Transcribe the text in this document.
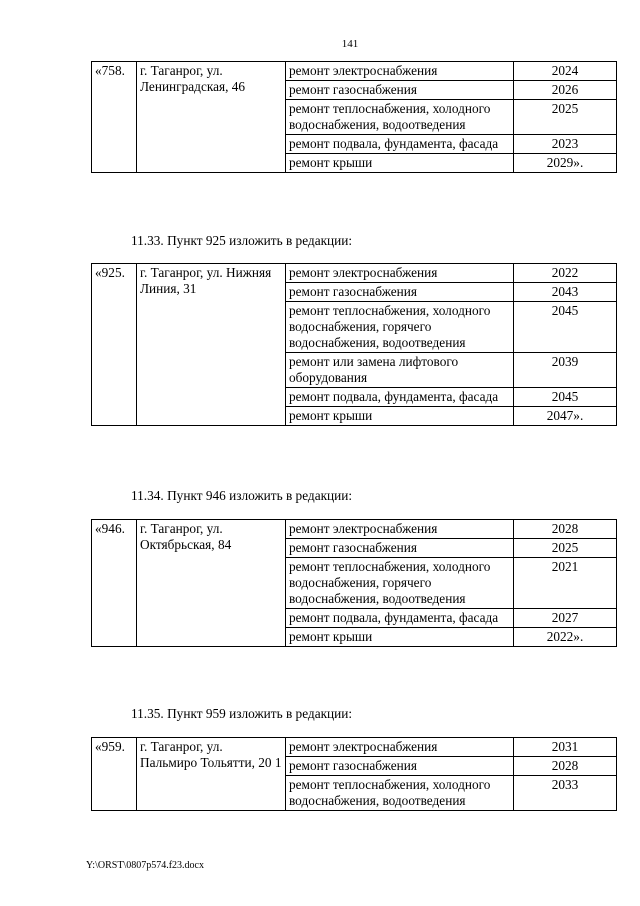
141
«758.	г. Таганрог, ул. Ленинградская, 46	ремонт электроснабжения	2024
		ремонт газоснабжения	2026
		ремонт теплоснабжения, холодного водоснабжения, водоотведения	2025
		ремонт подвала, фундамента, фасада	2023
		ремонт крыши	2029».
11.33. Пункт 925 изложить в редакции:
«925.	г. Таганрог, ул. Нижняя Линия, 31	ремонт электроснабжения	2022
		ремонт газоснабжения	2043
		ремонт теплоснабжения, холодного водоснабжения, горячего водоснабжения, водоотведения	2045
		ремонт или замена лифтового оборудования	2039
		ремонт подвала, фундамента, фасада	2045
		ремонт крыши	2047».
11.34. Пункт 946 изложить в редакции:
«946.	г. Таганрог, ул. Октябрьская, 84	ремонт электроснабжения	2028
		ремонт газоснабжения	2025
		ремонт теплоснабжения, холодного водоснабжения, горячего водоснабжения, водоотведения	2021
		ремонт подвала, фундамента, фасада	2027
		ремонт крыши	2022».
11.35. Пункт 959 изложить в редакции:
«959.	г. Таганрог, ул. Пальмиро Тольятти, 20 1	ремонт электроснабжения	2031
		ремонт газоснабжения	2028
		ремонт теплоснабжения, холодного водоснабжения, водоотведения	2033
Y:\ORST\0807p574.f23.docx
